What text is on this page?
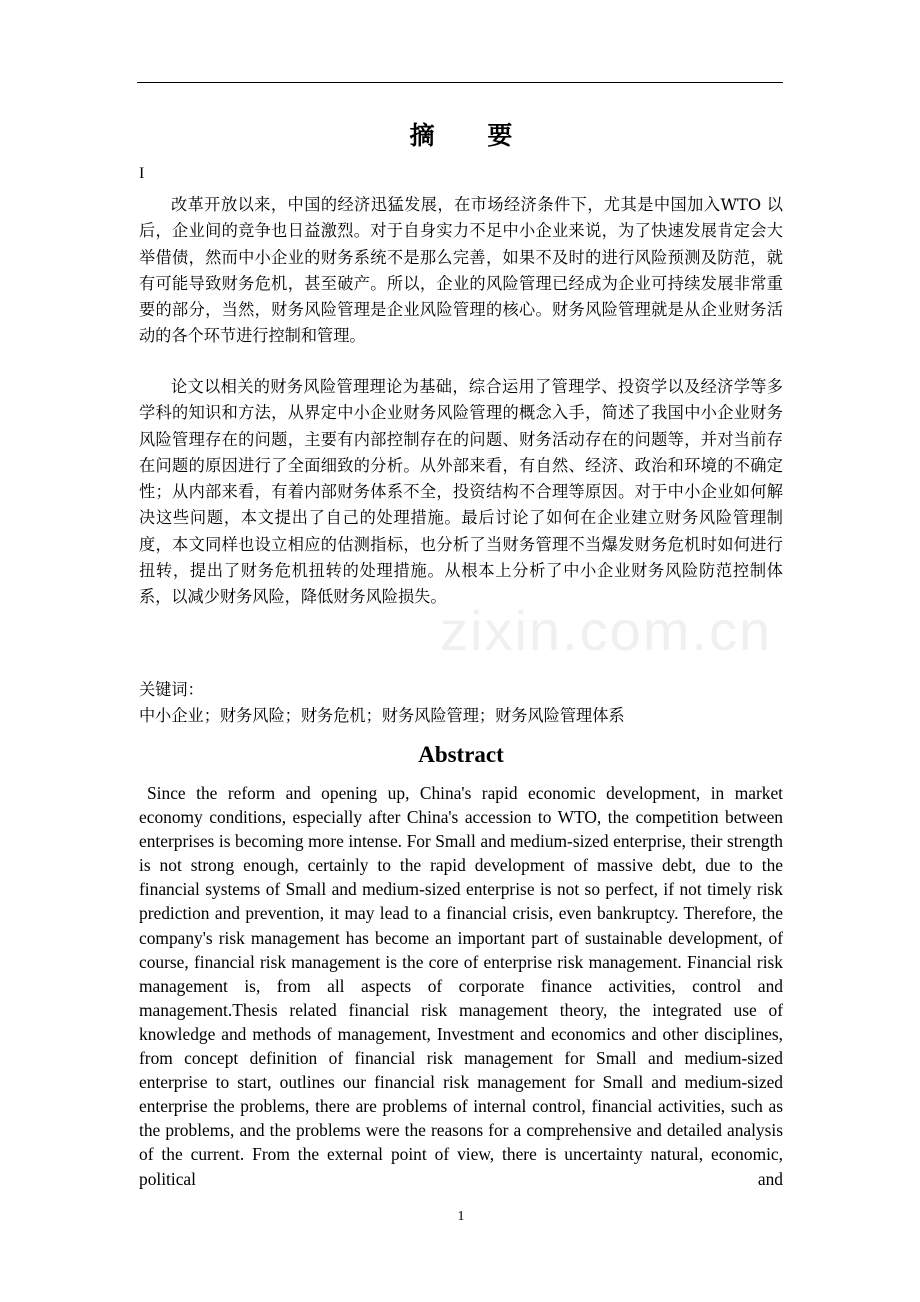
zixin.com.cn
摘 要
I

改革开放以来，中国的经济迅猛发展，在市场经济条件下，尤其是中国加入WTO 以后，企业间的竞争也日益激烈。对于自身实力不足中小企业来说，为了快速发展肯定会大举借债，然而中小企业的财务系统不是那么完善，如果不及时的进行风险预测及防范，就有可能导致财务危机，甚至破产。所以，企业的风险管理已经成为企业可持续发展非常重要的部分，当然，财务风险管理是企业风险管理的核心。财务风险管理就是从企业财务活动的各个环节进行控制和管理。

论文以相关的财务风险管理理论为基础，综合运用了管理学、投资学以及经济学等多学科的知识和方法，从界定中小企业财务风险管理的概念入手，简述了我国中小企业财务风险管理存在的问题，主要有内部控制存在的问题、财务活动存在的问题等，并对当前存在问题的原因进行了全面细致的分析。从外部来看，有自然、经济、政治和环境的不确定性；从内部来看，有着内部财务体系不全，投资结构不合理等原因。对于中小企业如何解决这些问题，本文提出了自己的处理措施。最后讨论了如何在企业建立财务风险管理制度，本文同样也设立相应的估测指标，也分析了当财务管理不当爆发财务危机时如何进行扭转，提出了财务危机扭转的处理措施。从根本上分析了中小企业财务风险防范控制体系，以减少财务风险，降低财务风险损失。

关键词：

中小企业；财务风险；财务危机；财务风险管理；财务风险管理体系

Abstract

Since the reform and opening up, China's rapid economic development, in market economy conditions, especially after China's accession to WTO, the competition between enterprises is becoming more intense. For Small and medium-sized enterprise, their strength is not strong enough, certainly to the rapid development of massive debt, due to the financial systems of Small and medium-sized enterprise is not so perfect, if not timely risk prediction and prevention, it may lead to a financial crisis, even bankruptcy. Therefore, the company's risk management has become an important part of sustainable development, of course, financial risk management is the core of enterprise risk management. Financial risk management is, from all aspects of corporate finance activities, control and management.Thesis related financial risk management theory, the integrated use of knowledge and methods of management, Investment and economics and other disciplines, from concept definition of financial risk management for Small and medium-sized enterprise to start, outlines our financial risk management for Small and medium-sized enterprise the problems, there are problems of internal control, financial activities, such as the problems, and the problems were the reasons for a comprehensive and detailed analysis of the current. From the external point of view, there is uncertainty natural, economic, political and

1
